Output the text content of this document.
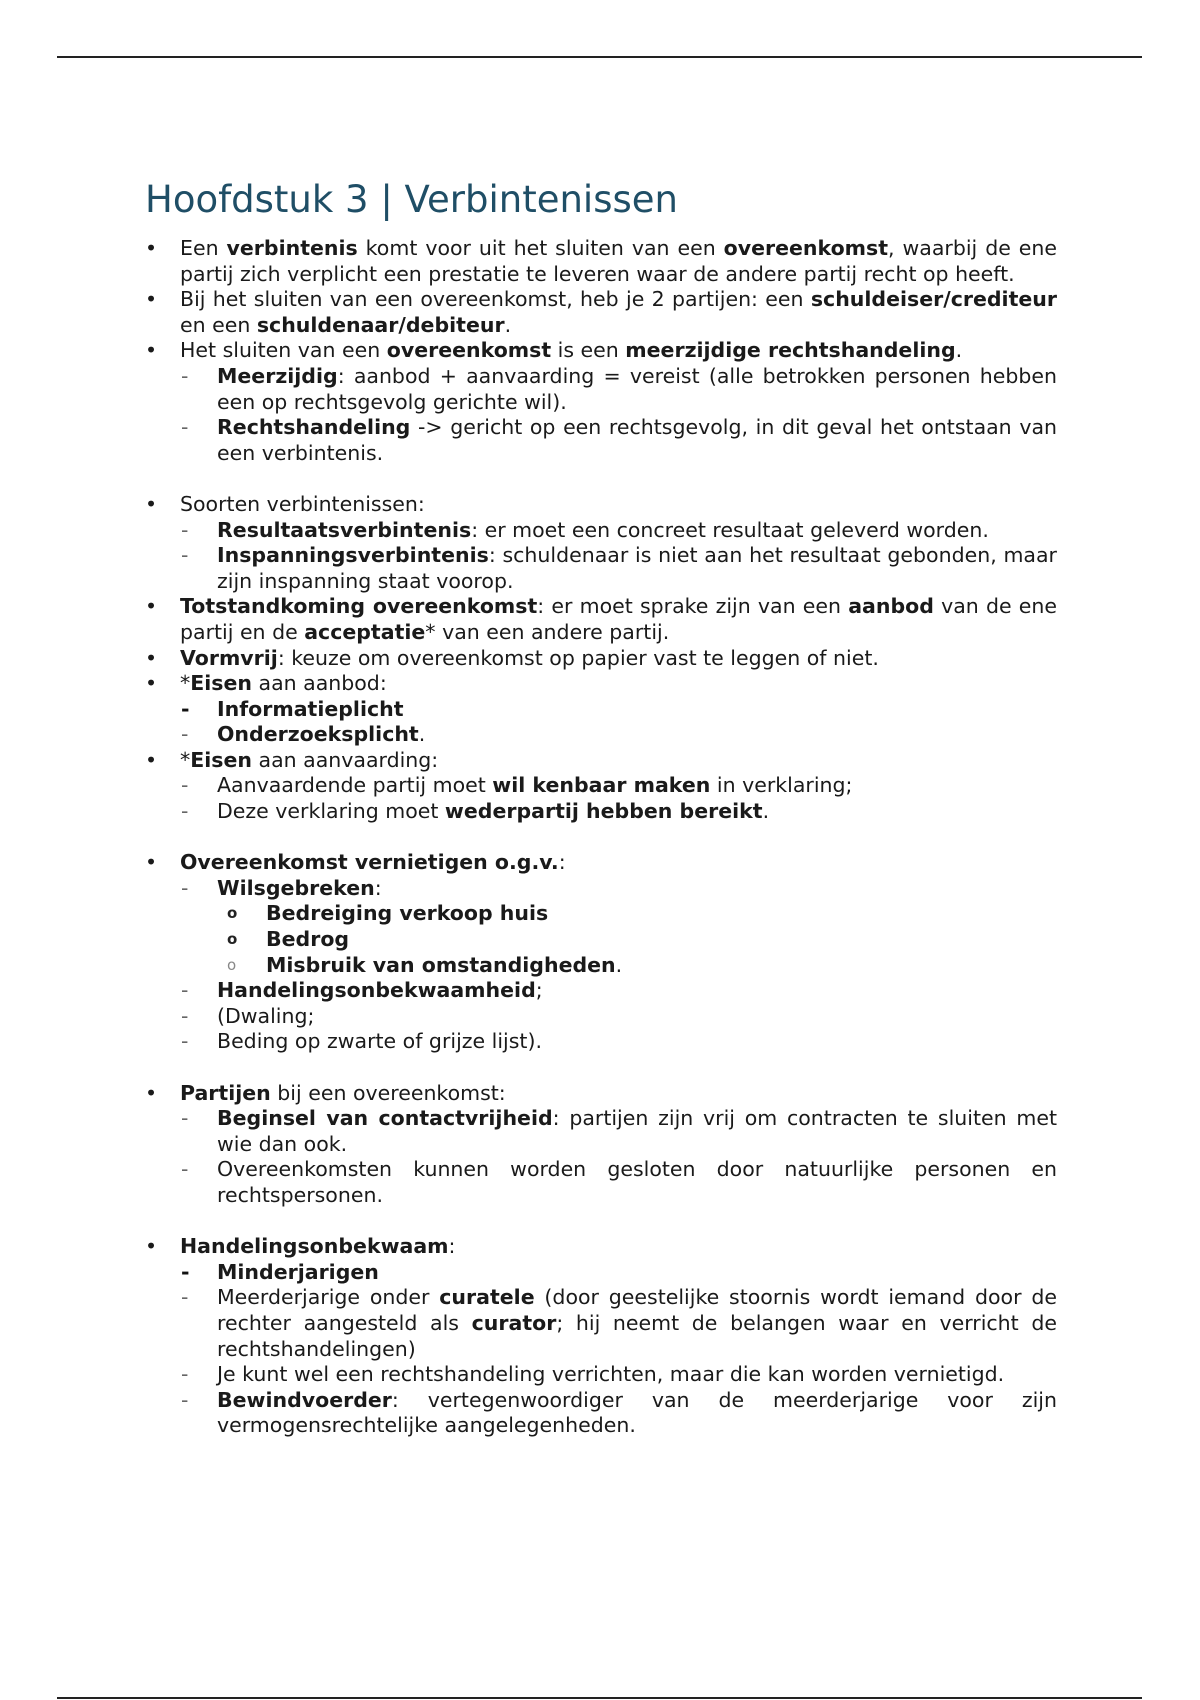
Hoofdstuk 3 | Verbintenissen
• Een verbintenis komt voor uit het sluiten van een overeenkomst, waarbij de ene partij zich verplicht een prestatie te leveren waar de andere partij recht op heeft.
• Bij het sluiten van een overeenkomst, heb je 2 partijen: een schuldeiser/crediteur en een schuldenaar/debiteur.
• Het sluiten van een overeenkomst is een meerzijdige rechtshandeling.
- Meerzijdig: aanbod + aanvaarding = vereist (alle betrokken personen hebben een op rechtsgevolg gerichte wil).
- Rechtshandeling -> gericht op een rechtsgevolg, in dit geval het ontstaan van een verbintenis.
• Soorten verbintenissen:
- Resultaatsverbintenis: er moet een concreet resultaat geleverd worden.
- Inspanningsverbintenis: schuldenaar is niet aan het resultaat gebonden, maar zijn inspanning staat voorop.
• Totstandkoming overeenkomst: er moet sprake zijn van een aanbod van de ene partij en de acceptatie* van een andere partij.
• Vormvrij: keuze om overeenkomst op papier vast te leggen of niet.
• *Eisen aan aanbod:
- Informatieplicht
- Onderzoeksplicht.
• *Eisen aan aanvaarding:
- Aanvaardende partij moet wil kenbaar maken in verklaring;
- Deze verklaring moet wederpartij hebben bereikt.
• Overeenkomst vernietigen o.g.v.:
- Wilsgebreken:
o Bedreiging verkoop huis
o Bedrog
o Misbruik van omstandigheden.
- Handelingsonbekwaamheid;
- (Dwaling;
- Beding op zwarte of grijze lijst).
• Partijen bij een overeenkomst:
- Beginsel van contactvrijheid: partijen zijn vrij om contracten te sluiten met wie dan ook.
- Overeenkomsten kunnen worden gesloten door natuurlijke personen en rechtspersonen.
• Handelingsonbekwaam:
- Minderjarigen
- Meerderjarige onder curatele (door geestelijke stoornis wordt iemand door de rechter aangesteld als curator; hij neemt de belangen waar en verricht de rechtshandelingen)
- Je kunt wel een rechtshandeling verrichten, maar die kan worden vernietigd.
- Bewindvoerder: vertegenwoordiger van de meerderjarige voor zijn vermogensrechtelijke aangelegenheden.
